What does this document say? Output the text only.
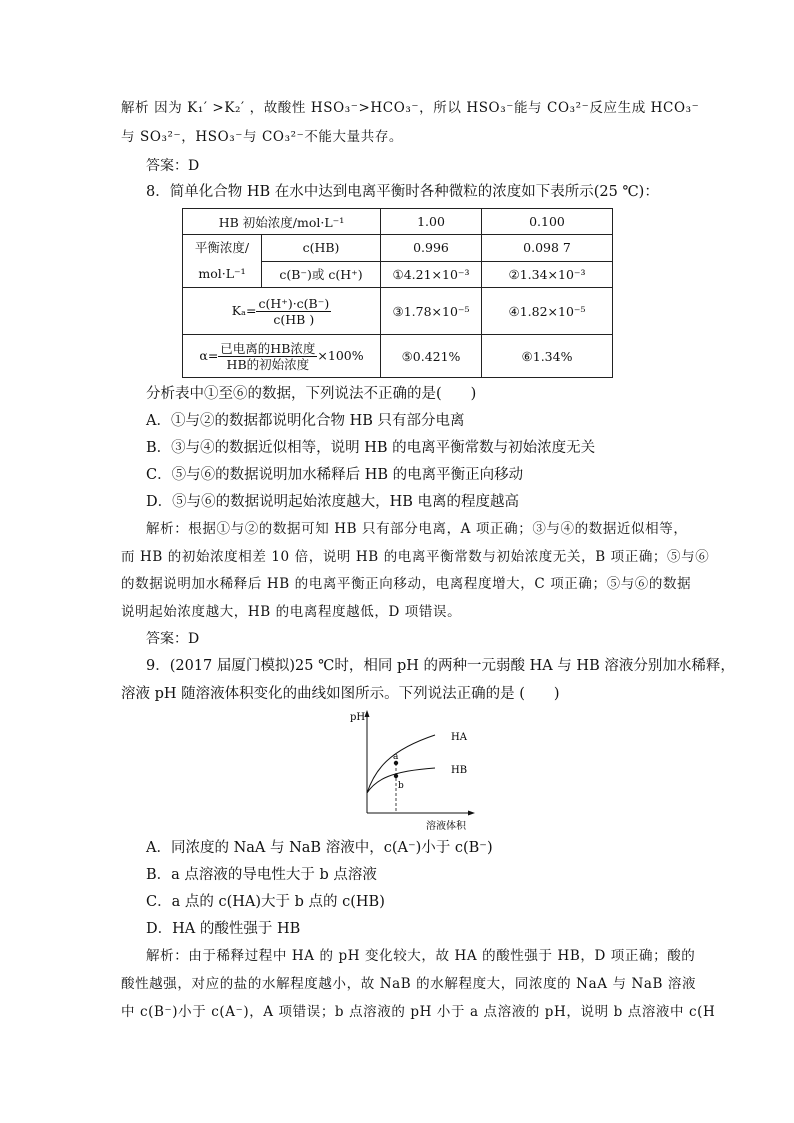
解析 因为 K₁′ >K₂′ ，故酸性 HSO₃⁻>HCO₃⁻，所以 HSO₃⁻能与 CO₃²⁻反应生成 HCO₃⁻
与 SO₃²⁻，HSO₃⁻与 CO₃²⁻不能大量共存。
答案：D
8．简单化合物 HB 在水中达到电离平衡时各种微粒的浓度如下表所示(25 ℃)：
HB 初始浓度/mol·L⁻¹		1.00	0.100
平衡浓度/
mol·L⁻¹	c(HB)	0.996	0.098 7
	c(B⁻)或 c(H⁺)	①4.21×10⁻³	②1.34×10⁻³
$K_a= \frac{c(H^+)\cdot c(B^-)}{c(HB )}$		③1.78×10⁻⁵	④1.82×10⁻⁵
$\alpha= \frac{\text{已电离的HB浓度}}{\text{HB的初始浓度}} \times 100\%$		⑤0.421%	⑥1.34%
分析表中①至⑥的数据，下列说法不正确的是(　　)
A．①与②的数据都说明化合物 HB 只有部分电离
B．③与④的数据近似相等，说明 HB 的电离平衡常数与初始浓度无关
C．⑤与⑥的数据说明加水稀释后 HB 的电离平衡正向移动
D．⑤与⑥的数据说明起始浓度越大，HB 电离的程度越高
解析：根据①与②的数据可知 HB 只有部分电离，A 项正确；③与④的数据近似相等，
而 HB 的初始浓度相差 10 倍，说明 HB 的电离平衡常数与初始浓度无关，B 项正确；⑤与⑥
的数据说明加水稀释后 HB 的电离平衡正向移动，电离程度增大，C 项正确；⑤与⑥的数据
说明起始浓度越大，HB 的电离程度越低，D 项错误。
答案：D
9．(2017 届厦门模拟)25 ℃时，相同 pH 的两种一元弱酸 HA 与 HB 溶液分别加水稀释，
溶液 pH 随溶液体积变化的曲线如图所示。下列说法正确的是 (　　)
pH
溶液体积
HA
HB
a
b
A．同浓度的 NaA 与 NaB 溶液中，c(A⁻)小于 c(B⁻)
B．a 点溶液的导电性大于 b 点溶液
C．a 点的 c(HA)大于 b 点的 c(HB)
D．HA 的酸性强于 HB
解析：由于稀释过程中 HA 的 pH 变化较大，故 HA 的酸性强于 HB，D 项正确；酸的
酸性越强，对应的盐的水解程度越小，故 NaB 的水解程度大，同浓度的 NaA 与 NaB 溶液
中 c(B⁻)小于 c(A⁻)，A 项错误；b 点溶液的 pH 小于 a 点溶液的 pH，说明 b 点溶液中 c(H
